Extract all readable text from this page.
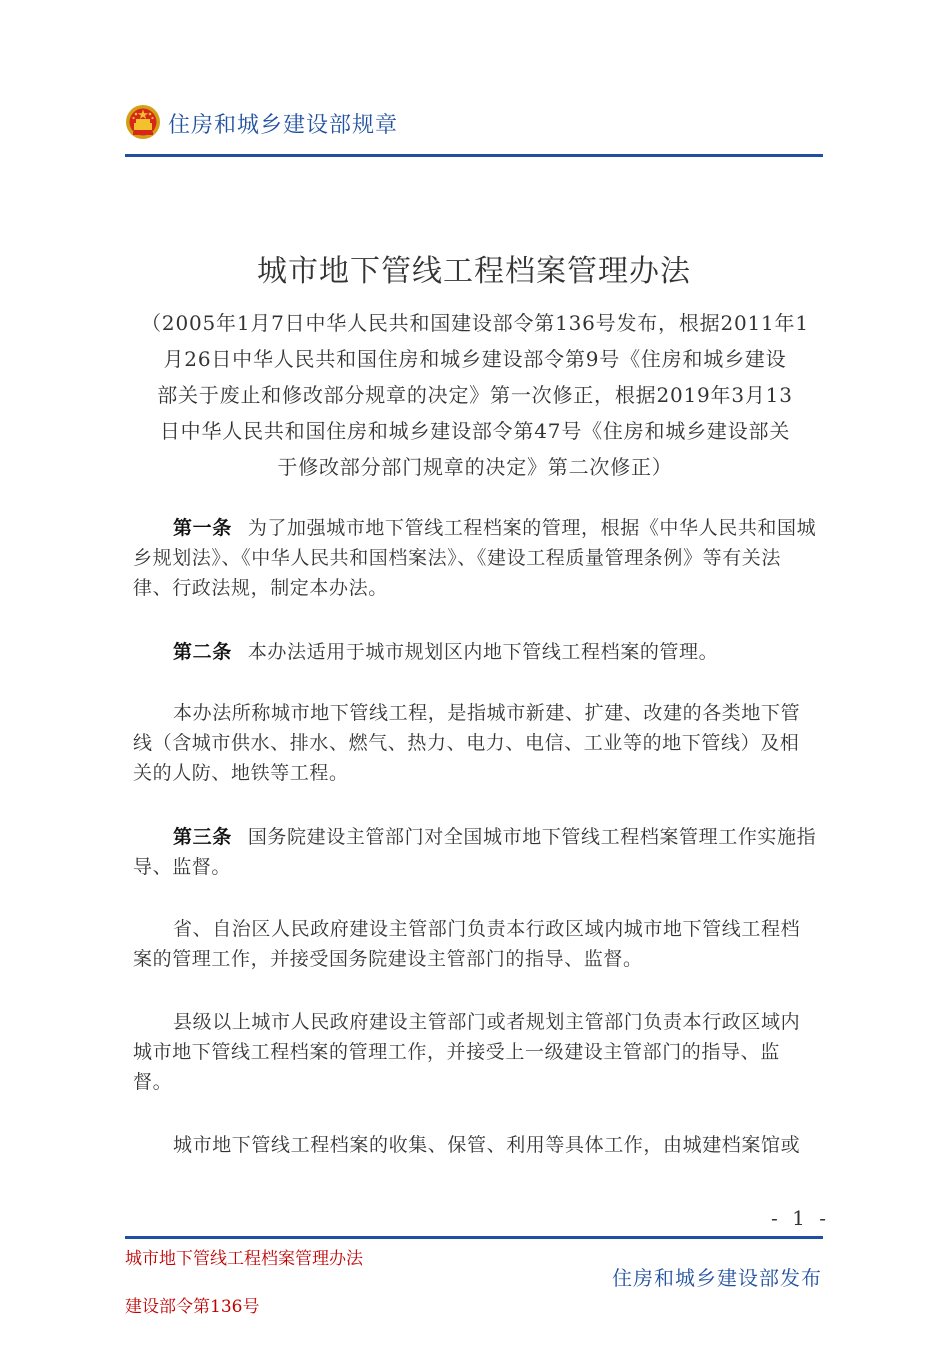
住房和城乡建设部规章
城市地下管线工程档案管理办法
（2005年1月7日中华人民共和国建设部令第136号发布，根据2011年1
月26日中华人民共和国住房和城乡建设部令第9号《住房和城乡建设
部关于废止和修改部分规章的决定》第一次修正，根据2019年3月13
日中华人民共和国住房和城乡建设部令第47号《住房和城乡建设部关
于修改部分部门规章的决定》第二次修正）

第一条 为了加强城市地下管线工程档案的管理，根据《中华人民共和国城乡规划法》、《中华人民共和国档案法》、《建设工程质量管理条例》等有关法律、行政法规，制定本办法。

第二条 本办法适用于城市规划区内地下管线工程档案的管理。

本办法所称城市地下管线工程，是指城市新建、扩建、改建的各类地下管线（含城市供水、排水、燃气、热力、电力、电信、工业等的地下管线）及相关的人防、地铁等工程。

第三条 国务院建设主管部门对全国城市地下管线工程档案管理工作实施指导、监督。

省、自治区人民政府建设主管部门负责本行政区域内城市地下管线工程档案的管理工作，并接受国务院建设主管部门的指导、监督。

县级以上城市人民政府建设主管部门或者规划主管部门负责本行政区域内城市地下管线工程档案的管理工作，并接受上一级建设主管部门的指导、监督。

城市地下管线工程档案的收集、保管、利用等具体工作，由城建档案馆或

- 1 -
城市地下管线工程档案管理办法
建设部令第136号
住房和城乡建设部发布
